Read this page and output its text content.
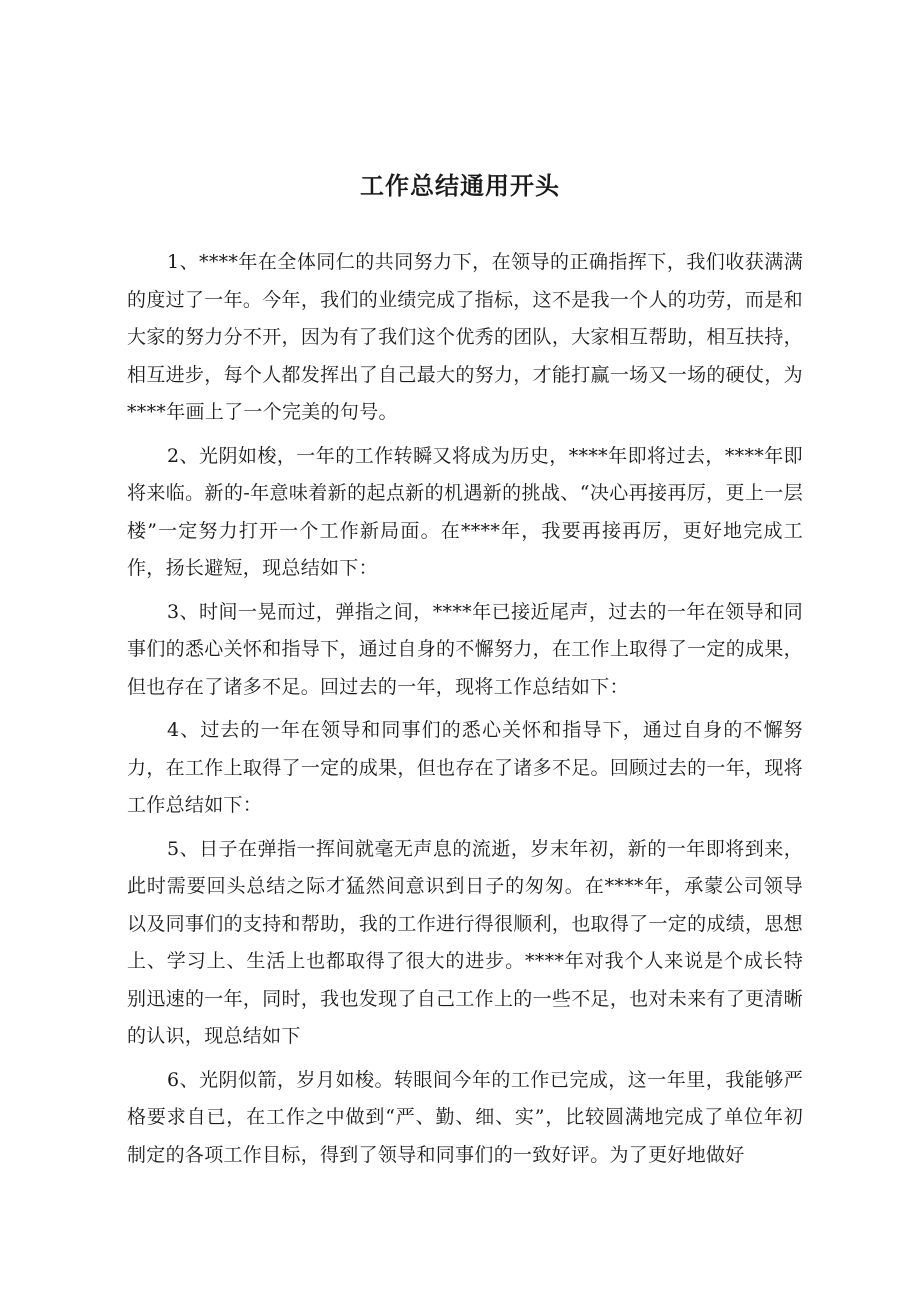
工作总结通用开头

1、****年在全体同仁的共同努力下，在领导的正确指挥下，我们收获满满的度过了一年。今年，我们的业绩完成了指标，这不是我一个人的功劳，而是和大家的努力分不开，因为有了我们这个优秀的团队，大家相互帮助，相互扶持，相互进步，每个人都发挥出了自己最大的努力，才能打赢一场又一场的硬仗，为****年画上了一个完美的句号。

2、光阴如梭，一年的工作转瞬又将成为历史，****年即将过去，****年即将来临。新的-年意味着新的起点新的机遇新的挑战、“决心再接再厉，更上一层楼”一定努力打开一个工作新局面。在****年，我要再接再厉，更好地完成工作，扬长避短，现总结如下：

3、时间一晃而过，弹指之间，****年已接近尾声，过去的一年在领导和同事们的悉心关怀和指导下，通过自身的不懈努力，在工作上取得了一定的成果，但也存在了诸多不足。回过去的一年，现将工作总结如下：

4、过去的一年在领导和同事们的悉心关怀和指导下，通过自身的不懈努力，在工作上取得了一定的成果，但也存在了诸多不足。回顾过去的一年，现将工作总结如下：

5、日子在弹指一挥间就毫无声息的流逝，岁末年初，新的一年即将到来，此时需要回头总结之际才猛然间意识到日子的匆匆。在****年，承蒙公司领导以及同事们的支持和帮助，我的工作进行得很顺利，也取得了一定的成绩，思想上、学习上、生活上也都取得了很大的进步。****年对我个人来说是个成长特别迅速的一年，同时，我也发现了自己工作上的一些不足，也对未来有了更清晰的认识，现总结如下

6、光阴似箭，岁月如梭。转眼间今年的工作已完成，这一年里，我能够严格要求自已，在工作之中做到“严、勤、细、实”，比较圆满地完成了单位年初制定的各项工作目标，得到了领导和同事们的一致好评。为了更好地做好
